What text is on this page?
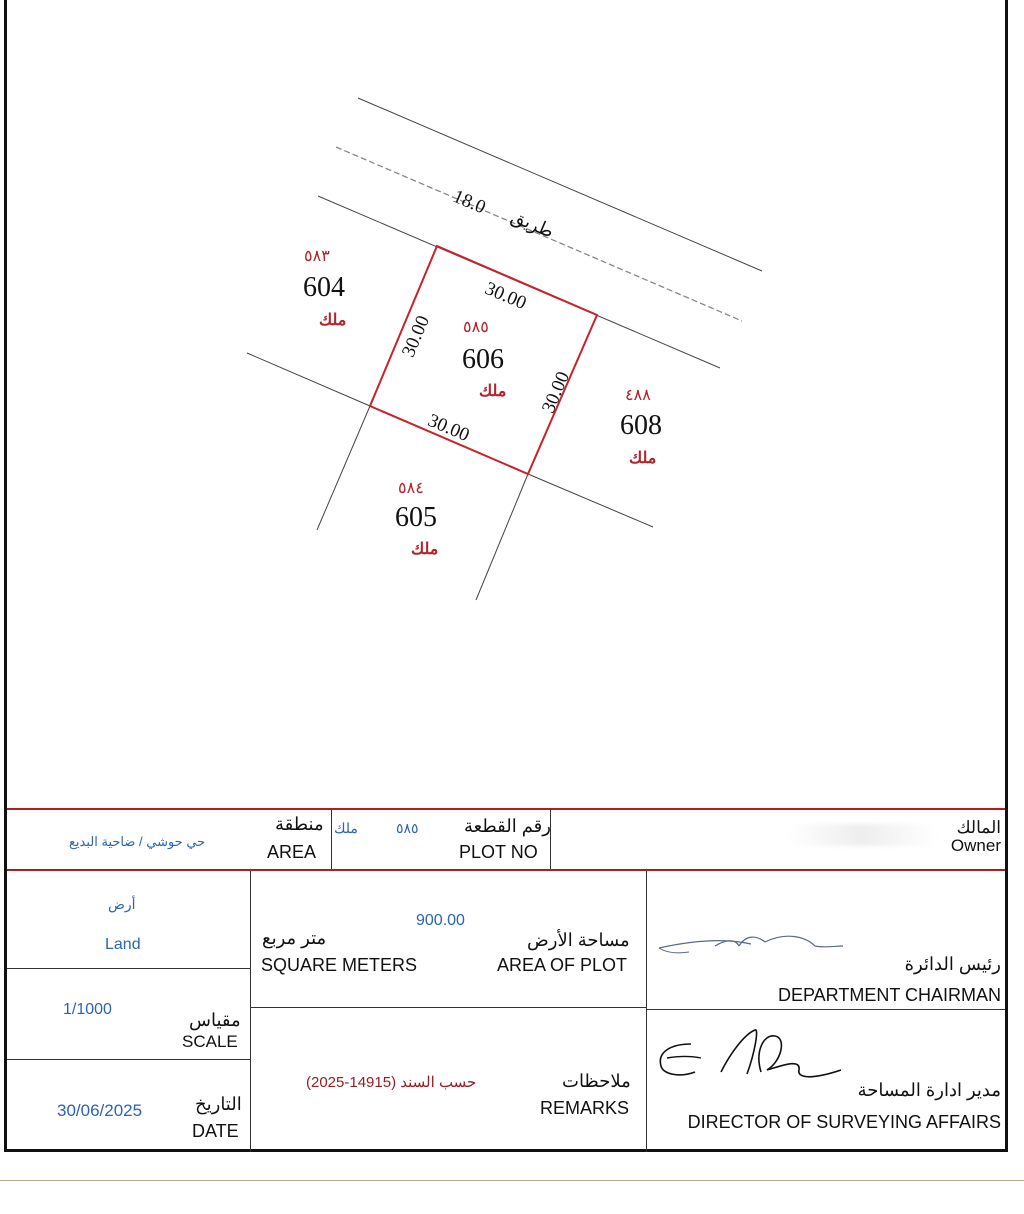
18.0
طريق
30.00
30.00
30.00
30.00
٥٨٥
606
ملك
٥٨٣
604
ملك
٤٨٨
608
ملك
٥٨٤
605
ملك
المالك
Owner
رقم القطعة
PLOT NO
٥٨٥
ملك
منطقة
AREA
حي حوشي / ضاحية البديع
أرض
Land
1/1000
مقياس
SCALE
30/06/2025	التاريخ
DATE
900.00
مساحة الأرض
AREA OF PLOT
متر مربع
SQUARE METERS
حسب السند (14915-2025)	ملاحظات
REMARKS
رئيس الدائرة
DEPARTMENT CHAIRMAN
مدير ادارة المساحة
DIRECTOR OF SURVEYING AFFAIRS
